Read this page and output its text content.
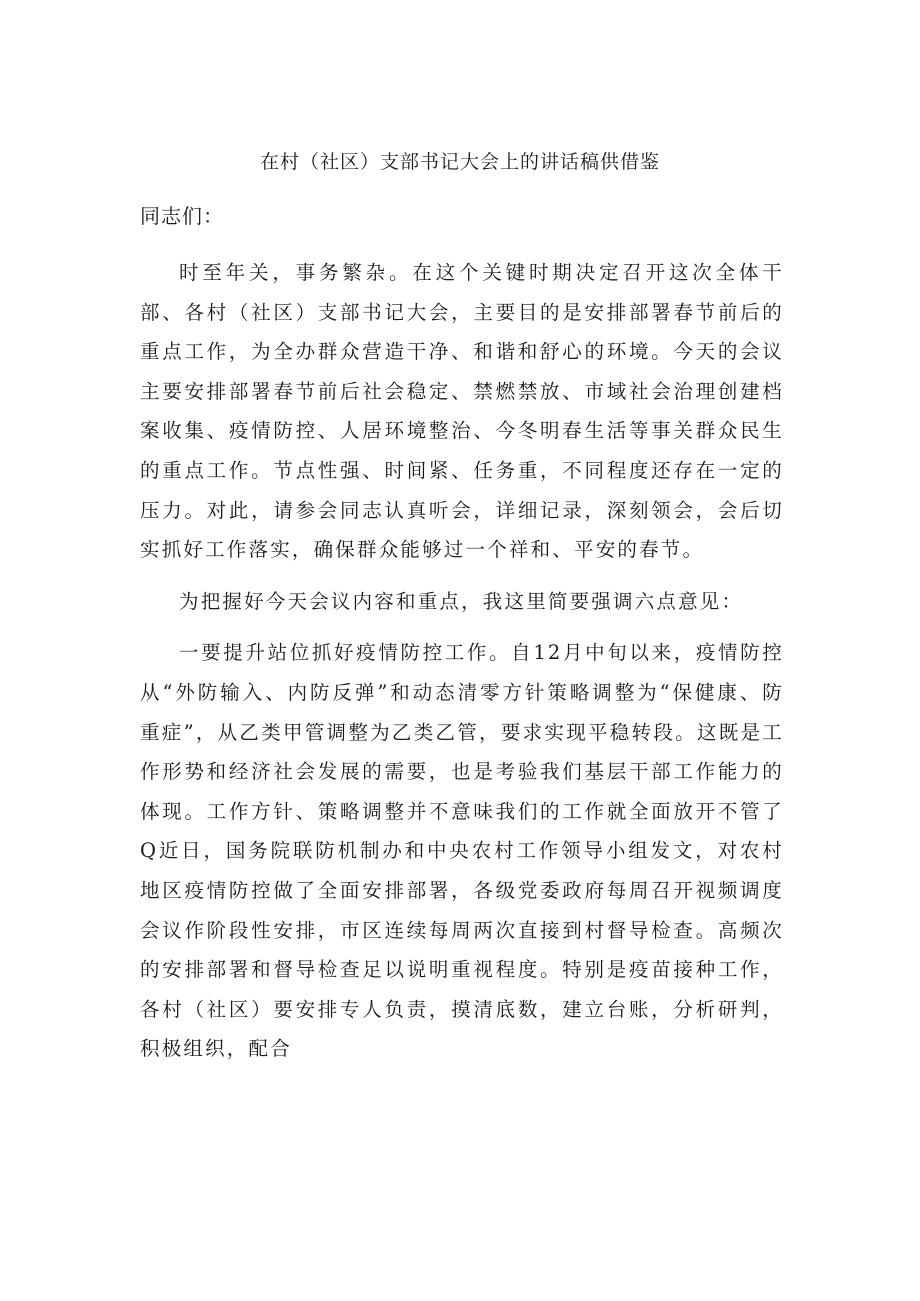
在村（社区）支部书记大会上的讲话稿供借鉴
同志们：

时至年关，事务繁杂。在这个关键时期决定召开这次全体干部、各村（社区）支部书记大会，主要目的是安排部署春节前后的重点工作，为全办群众营造干净、和谐和舒心的环境。今天的会议主要安排部署春节前后社会稳定、禁燃禁放、市域社会治理创建档案收集、疫情防控、人居环境整治、今冬明春生活等事关群众民生的重点工作。节点性强、时间紧、任务重，不同程度还存在一定的压力。对此，请参会同志认真听会，详细记录，深刻领会，会后切实抓好工作落实，确保群众能够过一个祥和、平安的春节。

为把握好今天会议内容和重点，我这里简要强调六点意见：

一要提升站位抓好疫情防控工作。自12月中旬以来，疫情防控从“外防输入、内防反弹”和动态清零方针策略调整为“保健康、防重症”，从乙类甲管调整为乙类乙管，要求实现平稳转段。这既是工作形势和经济社会发展的需要，也是考验我们基层干部工作能力的体现。工作方针、策略调整并不意味我们的工作就全面放开不管了Q近日，国务院联防机制办和中央农村工作领导小组发文，对农村地区疫情防控做了全面安排部署，各级党委政府每周召开视频调度会议作阶段性安排，市区连续每周两次直接到村督导检查。高频次的安排部署和督导检查足以说明重视程度。特别是疫苗接种工作，各村（社区）要安排专人负责，摸清底数，建立台账，分析研判，积极组织，配合
